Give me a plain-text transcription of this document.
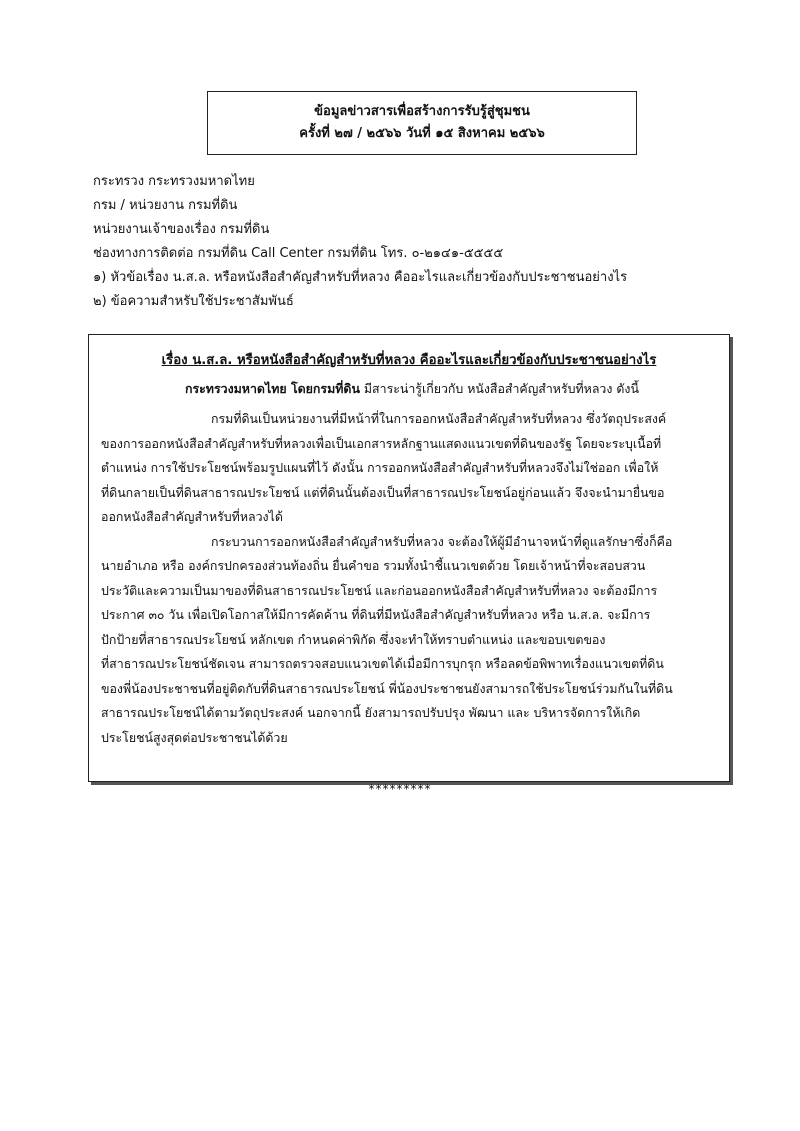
ข้อมูลข่าวสารเพื่อสร้างการรับรู้สู่ชุมชน
ครั้งที่ ๒๗ / ๒๕๖๖ วันที่ ๑๕ สิงหาคม ๒๕๖๖
กระทรวง กระทรวงมหาดไทย
กรม / หน่วยงาน กรมที่ดิน
หน่วยงานเจ้าของเรื่อง กรมที่ดิน
ช่องทางการติดต่อ กรมที่ดิน Call Center กรมที่ดิน โทร. ๐-๒๑๔๑-๕๕๕๕
๑) หัวข้อเรื่อง น.ส.ล. หรือหนังสือสำคัญสำหรับที่หลวง คืออะไรและเกี่ยวข้องกับประชาชนอย่างไร
๒) ข้อความสำหรับใช้ประชาสัมพันธ์
เรื่อง น.ส.ล. หรือหนังสือสำคัญสำหรับที่หลวง คืออะไรและเกี่ยวข้องกับประชาชนอย่างไร
กระทรวงมหาดไทย โดยกรมที่ดิน มีสาระน่ารู้เกี่ยวกับ หนังสือสำคัญสำหรับที่หลวง ดังนี้

กรมที่ดินเป็นหน่วยงานที่มีหน้าที่ในการออกหนังสือสำคัญสำหรับที่หลวง ซึ่งวัตถุประสงค์
ของการออกหนังสือสำคัญสำหรับที่หลวงเพื่อเป็นเอกสารหลักฐานแสดงแนวเขตที่ดินของรัฐ โดยจะระบุเนื้อที่
ตำแหน่ง การใช้ประโยชน์พร้อมรูปแผนที่ไว้ ดังนั้น การออกหนังสือสำคัญสำหรับที่หลวงจึงไม่ใช่ออก เพื่อให้
ที่ดินกลายเป็นที่ดินสาธารณประโยชน์ แต่ที่ดินนั้นต้องเป็นที่สาธารณประโยชน์อยู่ก่อนแล้ว จึงจะนำมายื่นขอ
ออกหนังสือสำคัญสำหรับที่หลวงได้

กระบวนการออกหนังสือสำคัญสำหรับที่หลวง จะต้องให้ผู้มีอำนาจหน้าที่ดูแลรักษาซึ่งก็คือ
นายอำเภอ หรือ องค์กรปกครองส่วนท้องถิ่น ยื่นคำขอ รวมทั้งนำชี้แนวเขตด้วย โดยเจ้าหน้าที่จะสอบสวน
ประวัติและความเป็นมาของที่ดินสาธารณประโยชน์ และก่อนออกหนังสือสำคัญสำหรับที่หลวง จะต้องมีการ
ประกาศ ๓๐ วัน เพื่อเปิดโอกาสให้มีการคัดค้าน ที่ดินที่มีหนังสือสำคัญสำหรับที่หลวง หรือ น.ส.ล. จะมีการ
ปักป้ายที่สาธารณประโยชน์ หลักเขต กำหนดค่าพิกัด ซึ่งจะทำให้ทราบตำแหน่ง และขอบเขตของ
ที่สาธารณประโยชน์ชัดเจน สามารถตรวจสอบแนวเขตได้เมื่อมีการบุกรุก หรือลดข้อพิพาทเรื่องแนวเขตที่ดิน
ของพี่น้องประชาชนที่อยู่ติดกับที่ดินสาธารณประโยชน์ พี่น้องประชาชนยังสามารถใช้ประโยชน์ร่วมกันในที่ดิน
สาธารณประโยชน์ได้ตามวัตถุประสงค์ นอกจากนี้ ยังสามารถปรับปรุง พัฒนา และ บริหารจัดการให้เกิด
ประโยชน์สูงสุดต่อประชาชนได้ด้วย

*********
